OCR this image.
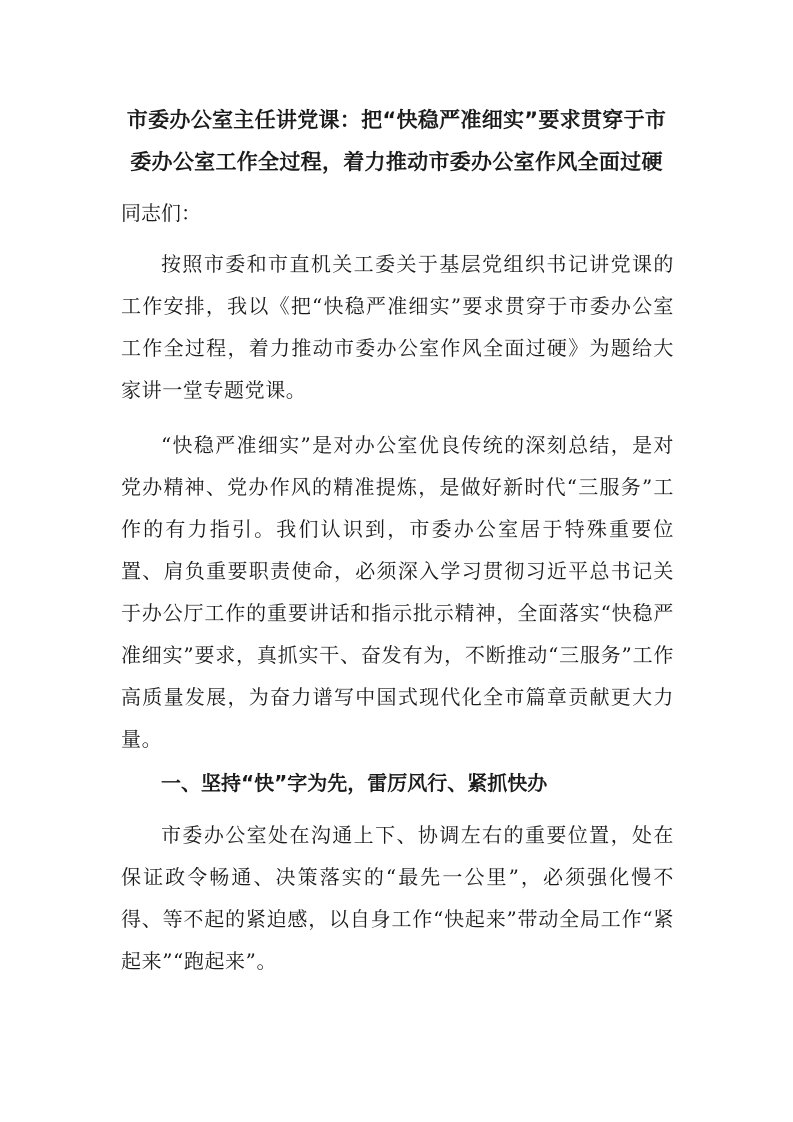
市委办公室主任讲党课：把“快稳严准细实”要求贯穿于市
委办公室工作全过程，着力推动市委办公室作风全面过硬

同志们：

按照市委和市直机关工委关于基层党组织书记讲党课的工作安排，我以《把“快稳严准细实”要求贯穿于市委办公室工作全过程，着力推动市委办公室作风全面过硬》为题给大家讲一堂专题党课。

“快稳严准细实”是对办公室优良传统的深刻总结，是对党办精神、党办作风的精准提炼，是做好新时代“三服务”工作的有力指引。我们认识到，市委办公室居于特殊重要位置、肩负重要职责使命，必须深入学习贯彻习近平总书记关于办公厅工作的重要讲话和指示批示精神，全面落实“快稳严准细实”要求，真抓实干、奋发有为，不断推动“三服务”工作高质量发展，为奋力谱写中国式现代化全市篇章贡献更大力量。

一、坚持“快”字为先，雷厉风行、紧抓快办

市委办公室处在沟通上下、协调左右的重要位置，处在保证政令畅通、决策落实的“最先一公里”，必须强化慢不得、等不起的紧迫感，以自身工作“快起来”带动全局工作“紧起来”“跑起来”。
